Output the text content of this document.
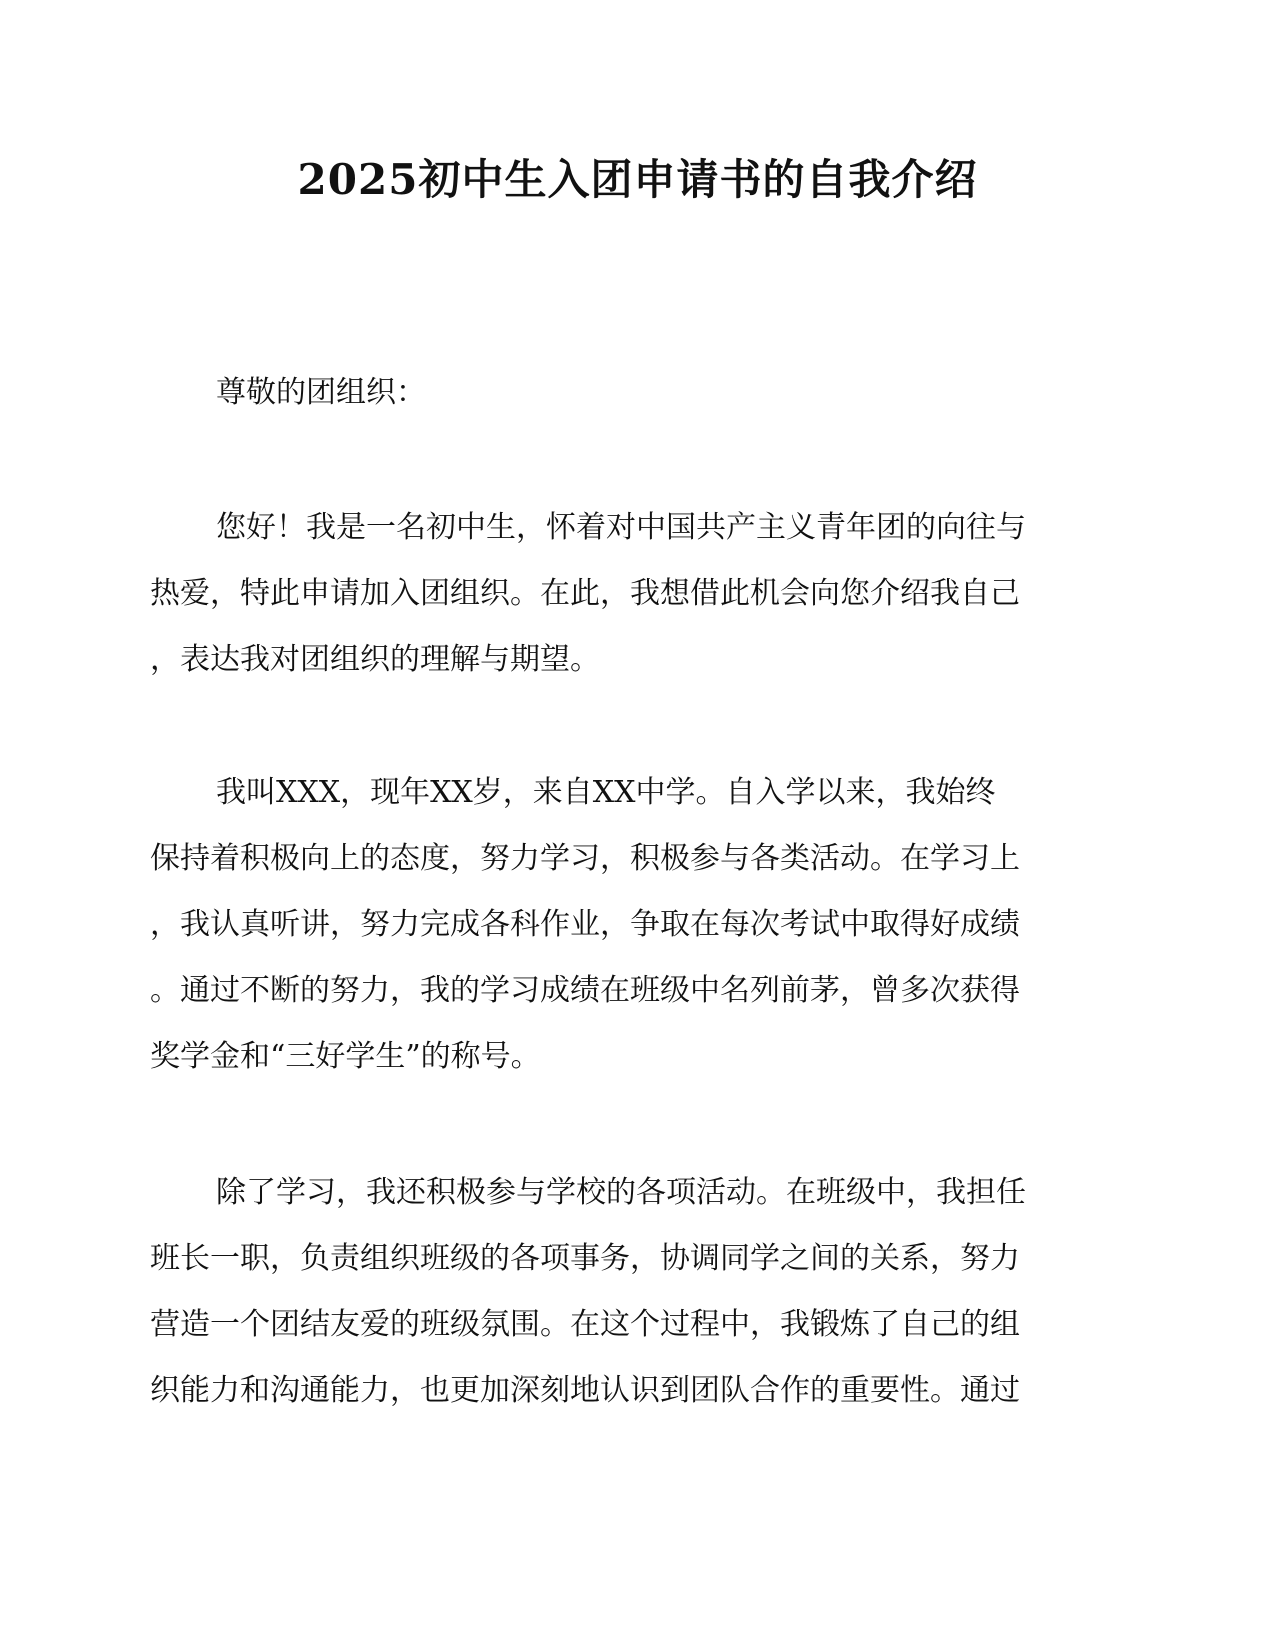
2025初中生入团申请书的自我介绍

尊敬的团组织：

您好！我是一名初中生，怀着对中国共产主义青年团的向往与
热爱，特此申请加入团组织。在此，我想借此机会向您介绍我自己
，表达我对团组织的理解与期望。

我叫XXX，现年XX岁，来自XX中学。自入学以来，我始终
保持着积极向上的态度，努力学习，积极参与各类活动。在学习上
，我认真听讲，努力完成各科作业，争取在每次考试中取得好成绩
。通过不断的努力，我的学习成绩在班级中名列前茅，曾多次获得
奖学金和“三好学生”的称号。

除了学习，我还积极参与学校的各项活动。在班级中，我担任
班长一职，负责组织班级的各项事务，协调同学之间的关系，努力
营造一个团结友爱的班级氛围。在这个过程中，我锻炼了自己的组
织能力和沟通能力，也更加深刻地认识到团队合作的重要性。通过
